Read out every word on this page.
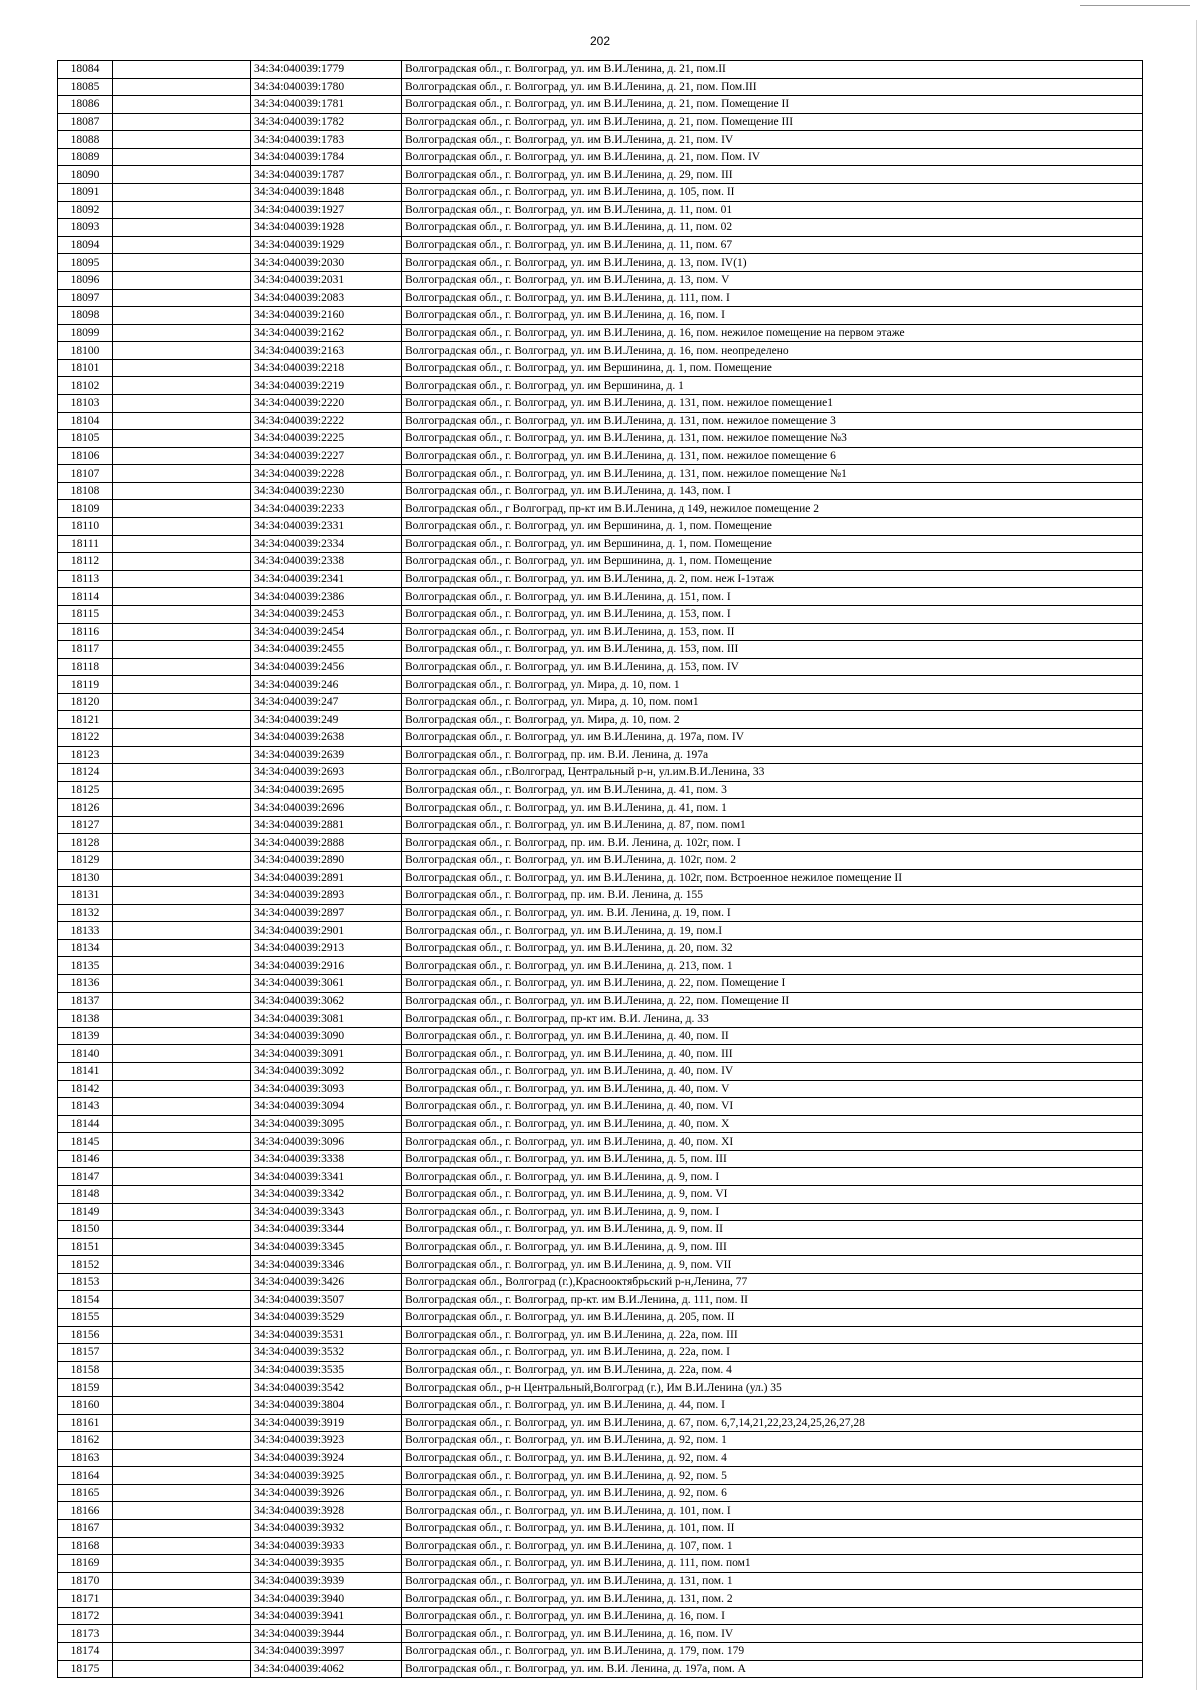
202
18084		34:34:040039:1779	Волгоградская обл., г. Волгоград, ул. им В.И.Ленина, д. 21, пом.II
18085		34:34:040039:1780	Волгоградская обл., г. Волгоград, ул. им В.И.Ленина, д. 21, пом. Пом.III
18086		34:34:040039:1781	Волгоградская обл., г. Волгоград, ул. им В.И.Ленина, д. 21, пом. Помещение II
18087		34:34:040039:1782	Волгоградская обл., г. Волгоград, ул. им В.И.Ленина, д. 21, пом. Помещение III
18088		34:34:040039:1783	Волгоградская обл., г. Волгоград, ул. им В.И.Ленина, д. 21, пом. IV
18089		34:34:040039:1784	Волгоградская обл., г. Волгоград, ул. им В.И.Ленина, д. 21, пом. Пом. IV
18090		34:34:040039:1787	Волгоградская обл., г. Волгоград, ул. им В.И.Ленина, д. 29, пом. III
18091		34:34:040039:1848	Волгоградская обл., г. Волгоград, ул. им В.И.Ленина, д. 105, пом. II
18092		34:34:040039:1927	Волгоградская обл., г. Волгоград, ул. им В.И.Ленина, д. 11, пом. 01
18093		34:34:040039:1928	Волгоградская обл., г. Волгоград, ул. им В.И.Ленина, д. 11, пом. 02
18094		34:34:040039:1929	Волгоградская обл., г. Волгоград, ул. им В.И.Ленина, д. 11, пом. 67
18095		34:34:040039:2030	Волгоградская обл., г. Волгоград, ул. им В.И.Ленина, д. 13, пом. IV(1)
18096		34:34:040039:2031	Волгоградская обл., г. Волгоград, ул. им В.И.Ленина, д. 13, пом. V
18097		34:34:040039:2083	Волгоградская обл., г. Волгоград, ул. им В.И.Ленина, д. 111, пом. I
18098		34:34:040039:2160	Волгоградская обл., г. Волгоград, ул. им В.И.Ленина, д. 16, пом. I
18099		34:34:040039:2162	Волгоградская обл., г. Волгоград, ул. им В.И.Ленина, д. 16, пом. нежилое помещение на первом этаже
18100		34:34:040039:2163	Волгоградская обл., г. Волгоград, ул. им В.И.Ленина, д. 16, пом. неопределено
18101		34:34:040039:2218	Волгоградская обл., г. Волгоград, ул. им Вершинина, д. 1, пом. Помещение
18102		34:34:040039:2219	Волгоградская обл., г. Волгоград, ул. им Вершинина, д. 1
18103		34:34:040039:2220	Волгоградская обл., г. Волгоград, ул. им В.И.Ленина, д. 131, пом. нежилое помещение1
18104		34:34:040039:2222	Волгоградская обл., г. Волгоград, ул. им В.И.Ленина, д. 131, пом. нежилое помещение 3
18105		34:34:040039:2225	Волгоградская обл., г. Волгоград, ул. им В.И.Ленина, д. 131, пом. нежилое помещение №3
18106		34:34:040039:2227	Волгоградская обл., г. Волгоград, ул. им В.И.Ленина, д. 131, пом. нежилое помещение 6
18107		34:34:040039:2228	Волгоградская обл., г. Волгоград, ул. им В.И.Ленина, д. 131, пом. нежилое помещение №1
18108		34:34:040039:2230	Волгоградская обл., г. Волгоград, ул. им В.И.Ленина, д. 143, пом. I
18109		34:34:040039:2233	Волгоградская обл., г Волгоград, пр-кт им В.И.Ленина, д 149, нежилое помещение 2
18110		34:34:040039:2331	Волгоградская обл., г. Волгоград, ул. им Вершинина, д. 1, пом. Помещение
18111		34:34:040039:2334	Волгоградская обл., г. Волгоград, ул. им Вершинина, д. 1, пом. Помещение
18112		34:34:040039:2338	Волгоградская обл., г. Волгоград, ул. им Вершинина, д. 1, пом. Помещение
18113		34:34:040039:2341	Волгоградская обл., г. Волгоград, ул. им В.И.Ленина, д. 2, пом. неж I-1этаж
18114		34:34:040039:2386	Волгоградская обл., г. Волгоград, ул. им В.И.Ленина, д. 151, пом. I
18115		34:34:040039:2453	Волгоградская обл., г. Волгоград, ул. им В.И.Ленина, д. 153, пом. I
18116		34:34:040039:2454	Волгоградская обл., г. Волгоград, ул. им В.И.Ленина, д. 153, пом. II
18117		34:34:040039:2455	Волгоградская обл., г. Волгоград, ул. им В.И.Ленина, д. 153, пом. III
18118		34:34:040039:2456	Волгоградская обл., г. Волгоград, ул. им В.И.Ленина, д. 153, пом. IV
18119		34:34:040039:246	Волгоградская обл., г. Волгоград, ул. Мира, д. 10, пом. 1
18120		34:34:040039:247	Волгоградская обл., г. Волгоград, ул. Мира, д. 10, пом. пом1
18121		34:34:040039:249	Волгоградская обл., г. Волгоград, ул. Мира, д. 10, пом. 2
18122		34:34:040039:2638	Волгоградская обл., г. Волгоград, ул. им В.И.Ленина, д. 197а, пом. IV
18123		34:34:040039:2639	Волгоградская обл., г. Волгоград, пр. им. В.И. Ленина, д. 197а
18124		34:34:040039:2693	Волгоградская обл., г.Волгоград, Центральный р-н, ул.им.В.И.Ленина, 33
18125		34:34:040039:2695	Волгоградская обл., г. Волгоград, ул. им В.И.Ленина, д. 41, пом. 3
18126		34:34:040039:2696	Волгоградская обл., г. Волгоград, ул. им В.И.Ленина, д. 41, пом. 1
18127		34:34:040039:2881	Волгоградская обл., г. Волгоград, ул. им В.И.Ленина, д. 87, пом. пом1
18128		34:34:040039:2888	Волгоградская обл., г. Волгоград, пр. им. В.И. Ленина, д. 102г, пом. I
18129		34:34:040039:2890	Волгоградская обл., г. Волгоград, ул. им В.И.Ленина, д. 102г, пом. 2
18130		34:34:040039:2891	Волгоградская обл., г. Волгоград, ул. им В.И.Ленина, д. 102г, пом. Встроенное нежилое помещение II
18131		34:34:040039:2893	Волгоградская обл., г. Волгоград, пр. им. В.И. Ленина, д. 155
18132		34:34:040039:2897	Волгоградская обл., г. Волгоград, ул. им. В.И. Ленина, д. 19, пом. I
18133		34:34:040039:2901	Волгоградская обл., г. Волгоград, ул. им В.И.Ленина, д. 19, пом.I
18134		34:34:040039:2913	Волгоградская обл., г. Волгоград, ул. им В.И.Ленина, д. 20, пом. 32
18135		34:34:040039:2916	Волгоградская обл., г. Волгоград, ул. им В.И.Ленина, д. 213, пом. 1
18136		34:34:040039:3061	Волгоградская обл., г. Волгоград, ул. им В.И.Ленина, д. 22, пом. Помещение I
18137		34:34:040039:3062	Волгоградская обл., г. Волгоград, ул. им В.И.Ленина, д. 22, пом. Помещение II
18138		34:34:040039:3081	Волгоградская обл., г. Волгоград, пр-кт им. В.И. Ленина, д. 33
18139		34:34:040039:3090	Волгоградская обл., г. Волгоград, ул. им В.И.Ленина, д. 40, пом. II
18140		34:34:040039:3091	Волгоградская обл., г. Волгоград, ул. им В.И.Ленина, д. 40, пом. III
18141		34:34:040039:3092	Волгоградская обл., г. Волгоград, ул. им В.И.Ленина, д. 40, пом. IV
18142		34:34:040039:3093	Волгоградская обл., г. Волгоград, ул. им В.И.Ленина, д. 40, пом. V
18143		34:34:040039:3094	Волгоградская обл., г. Волгоград, ул. им В.И.Ленина, д. 40, пом. VI
18144		34:34:040039:3095	Волгоградская обл., г. Волгоград, ул. им В.И.Ленина, д. 40, пом. X
18145		34:34:040039:3096	Волгоградская обл., г. Волгоград, ул. им В.И.Ленина, д. 40, пом. XI
18146		34:34:040039:3338	Волгоградская обл., г. Волгоград, ул. им В.И.Ленина, д. 5, пом. III
18147		34:34:040039:3341	Волгоградская обл., г. Волгоград, ул. им В.И.Ленина, д. 9, пом. I
18148		34:34:040039:3342	Волгоградская обл., г. Волгоград, ул. им В.И.Ленина, д. 9, пом. VI
18149		34:34:040039:3343	Волгоградская обл., г. Волгоград, ул. им В.И.Ленина, д. 9, пом. I
18150		34:34:040039:3344	Волгоградская обл., г. Волгоград, ул. им В.И.Ленина, д. 9, пом. II
18151		34:34:040039:3345	Волгоградская обл., г. Волгоград, ул. им В.И.Ленина, д. 9, пом. III
18152		34:34:040039:3346	Волгоградская обл., г. Волгоград, ул. им В.И.Ленина, д. 9, пом. VII
18153		34:34:040039:3426	Волгоградская обл., Волгоград (г.),Краснооктябрьский р-н,Ленина, 77
18154		34:34:040039:3507	Волгоградская обл., г. Волгоград, пр-кт. им В.И.Ленина, д. 111, пом. II
18155		34:34:040039:3529	Волгоградская обл., г. Волгоград, ул. им В.И.Ленина, д. 205, пом. II
18156		34:34:040039:3531	Волгоградская обл., г. Волгоград, ул. им В.И.Ленина, д. 22а, пом. III
18157		34:34:040039:3532	Волгоградская обл., г. Волгоград, ул. им В.И.Ленина, д. 22а, пом. I
18158		34:34:040039:3535	Волгоградская обл., г. Волгоград, ул. им В.И.Ленина, д. 22а, пом. 4
18159		34:34:040039:3542	Волгоградская обл., р-н Центральный,Волгоград (г.), Им В.И.Ленина (ул.) 35
18160		34:34:040039:3804	Волгоградская обл., г. Волгоград, ул. им В.И.Ленина, д. 44, пом. I
18161		34:34:040039:3919	Волгоградская обл., г. Волгоград, ул. им В.И.Ленина, д. 67, пом. 6,7,14,21,22,23,24,25,26,27,28
18162		34:34:040039:3923	Волгоградская обл., г. Волгоград, ул. им В.И.Ленина, д. 92, пом. 1
18163		34:34:040039:3924	Волгоградская обл., г. Волгоград, ул. им В.И.Ленина, д. 92, пом. 4
18164		34:34:040039:3925	Волгоградская обл., г. Волгоград, ул. им В.И.Ленина, д. 92, пом. 5
18165		34:34:040039:3926	Волгоградская обл., г. Волгоград, ул. им В.И.Ленина, д. 92, пом. 6
18166		34:34:040039:3928	Волгоградская обл., г. Волгоград, ул. им В.И.Ленина, д. 101, пом. I
18167		34:34:040039:3932	Волгоградская обл., г. Волгоград, ул. им В.И.Ленина, д. 101, пом. II
18168		34:34:040039:3933	Волгоградская обл., г. Волгоград, ул. им В.И.Ленина, д. 107, пом. 1
18169		34:34:040039:3935	Волгоградская обл., г. Волгоград, ул. им В.И.Ленина, д. 111, пом. пом1
18170		34:34:040039:3939	Волгоградская обл., г. Волгоград, ул. им В.И.Ленина, д. 131, пом. 1
18171		34:34:040039:3940	Волгоградская обл., г. Волгоград, ул. им В.И.Ленина, д. 131, пом. 2
18172		34:34:040039:3941	Волгоградская обл., г. Волгоград, ул. им В.И.Ленина, д. 16, пом. I
18173		34:34:040039:3944	Волгоградская обл., г. Волгоград, ул. им В.И.Ленина, д. 16, пом. IV
18174		34:34:040039:3997	Волгоградская обл., г. Волгоград, ул. им В.И.Ленина, д. 179, пом. 179
18175		34:34:040039:4062	Волгоградская обл., г. Волгоград, ул. им. В.И. Ленина, д. 197а, пом. А
